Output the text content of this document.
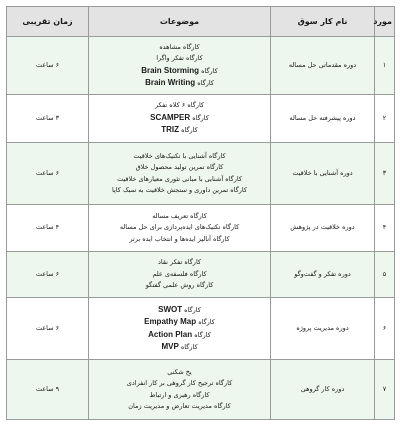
مورد	نام کار سوق	موضوعات	زمان تقریبی
۱	دوره مقدماتی حل مساله	کارگاه مشاهده
کارگاه تفکر واگرا
کارگاه Brain Storming
کارگاه Brain Writing	۶ ساعت
۲	دوره پیشرفته حل مساله	کارگاه ۶ کلاه تفکر
کارگاه SCAMPER
کارگاه TRIZ	۳ ساعت
۳	دوره آشنایی با خلاقیت	کارگاه آشنایی با تکنیک‌های خلاقیت
کارگاه تمرین تولید محصول خلاق
کارگاه آشنایی با مبانی تئوری معیارهای خلاقیت
کارگاه تمرین داوری و سنجش خلاقیت به سبک کاپا	۶ ساعت
۴	دوره خلاقیت در پژوهش	کارگاه تعریف مساله
کارگاه تکنیک‌های ایده‌پردازی برای حل مساله
کارگاه آنالیز ایده‌ها و انتخاب ایده برتر	۴ ساعت
۵	دوره تفکر و گفت‌وگو	کارگاه تفکر نقاد
کارگاه فلسفه‌ی علم
کارگاه روش علمی گفتگو	۶ ساعت
۶	دوره مدیریت پروژه	کارگاه SWOT
کارگاه Empathy Map
کارگاه Action Plan
کارگاه MVP	۶ ساعت
۷	دوره کار گروهی	یخ شکنی
کارگاه ترجیح کار گروهی بر کار انفرادی
کارگاه رهبری و ارتباط
کارگاه مدیریت تعارض و مدیریت زمان	۹ ساعت
